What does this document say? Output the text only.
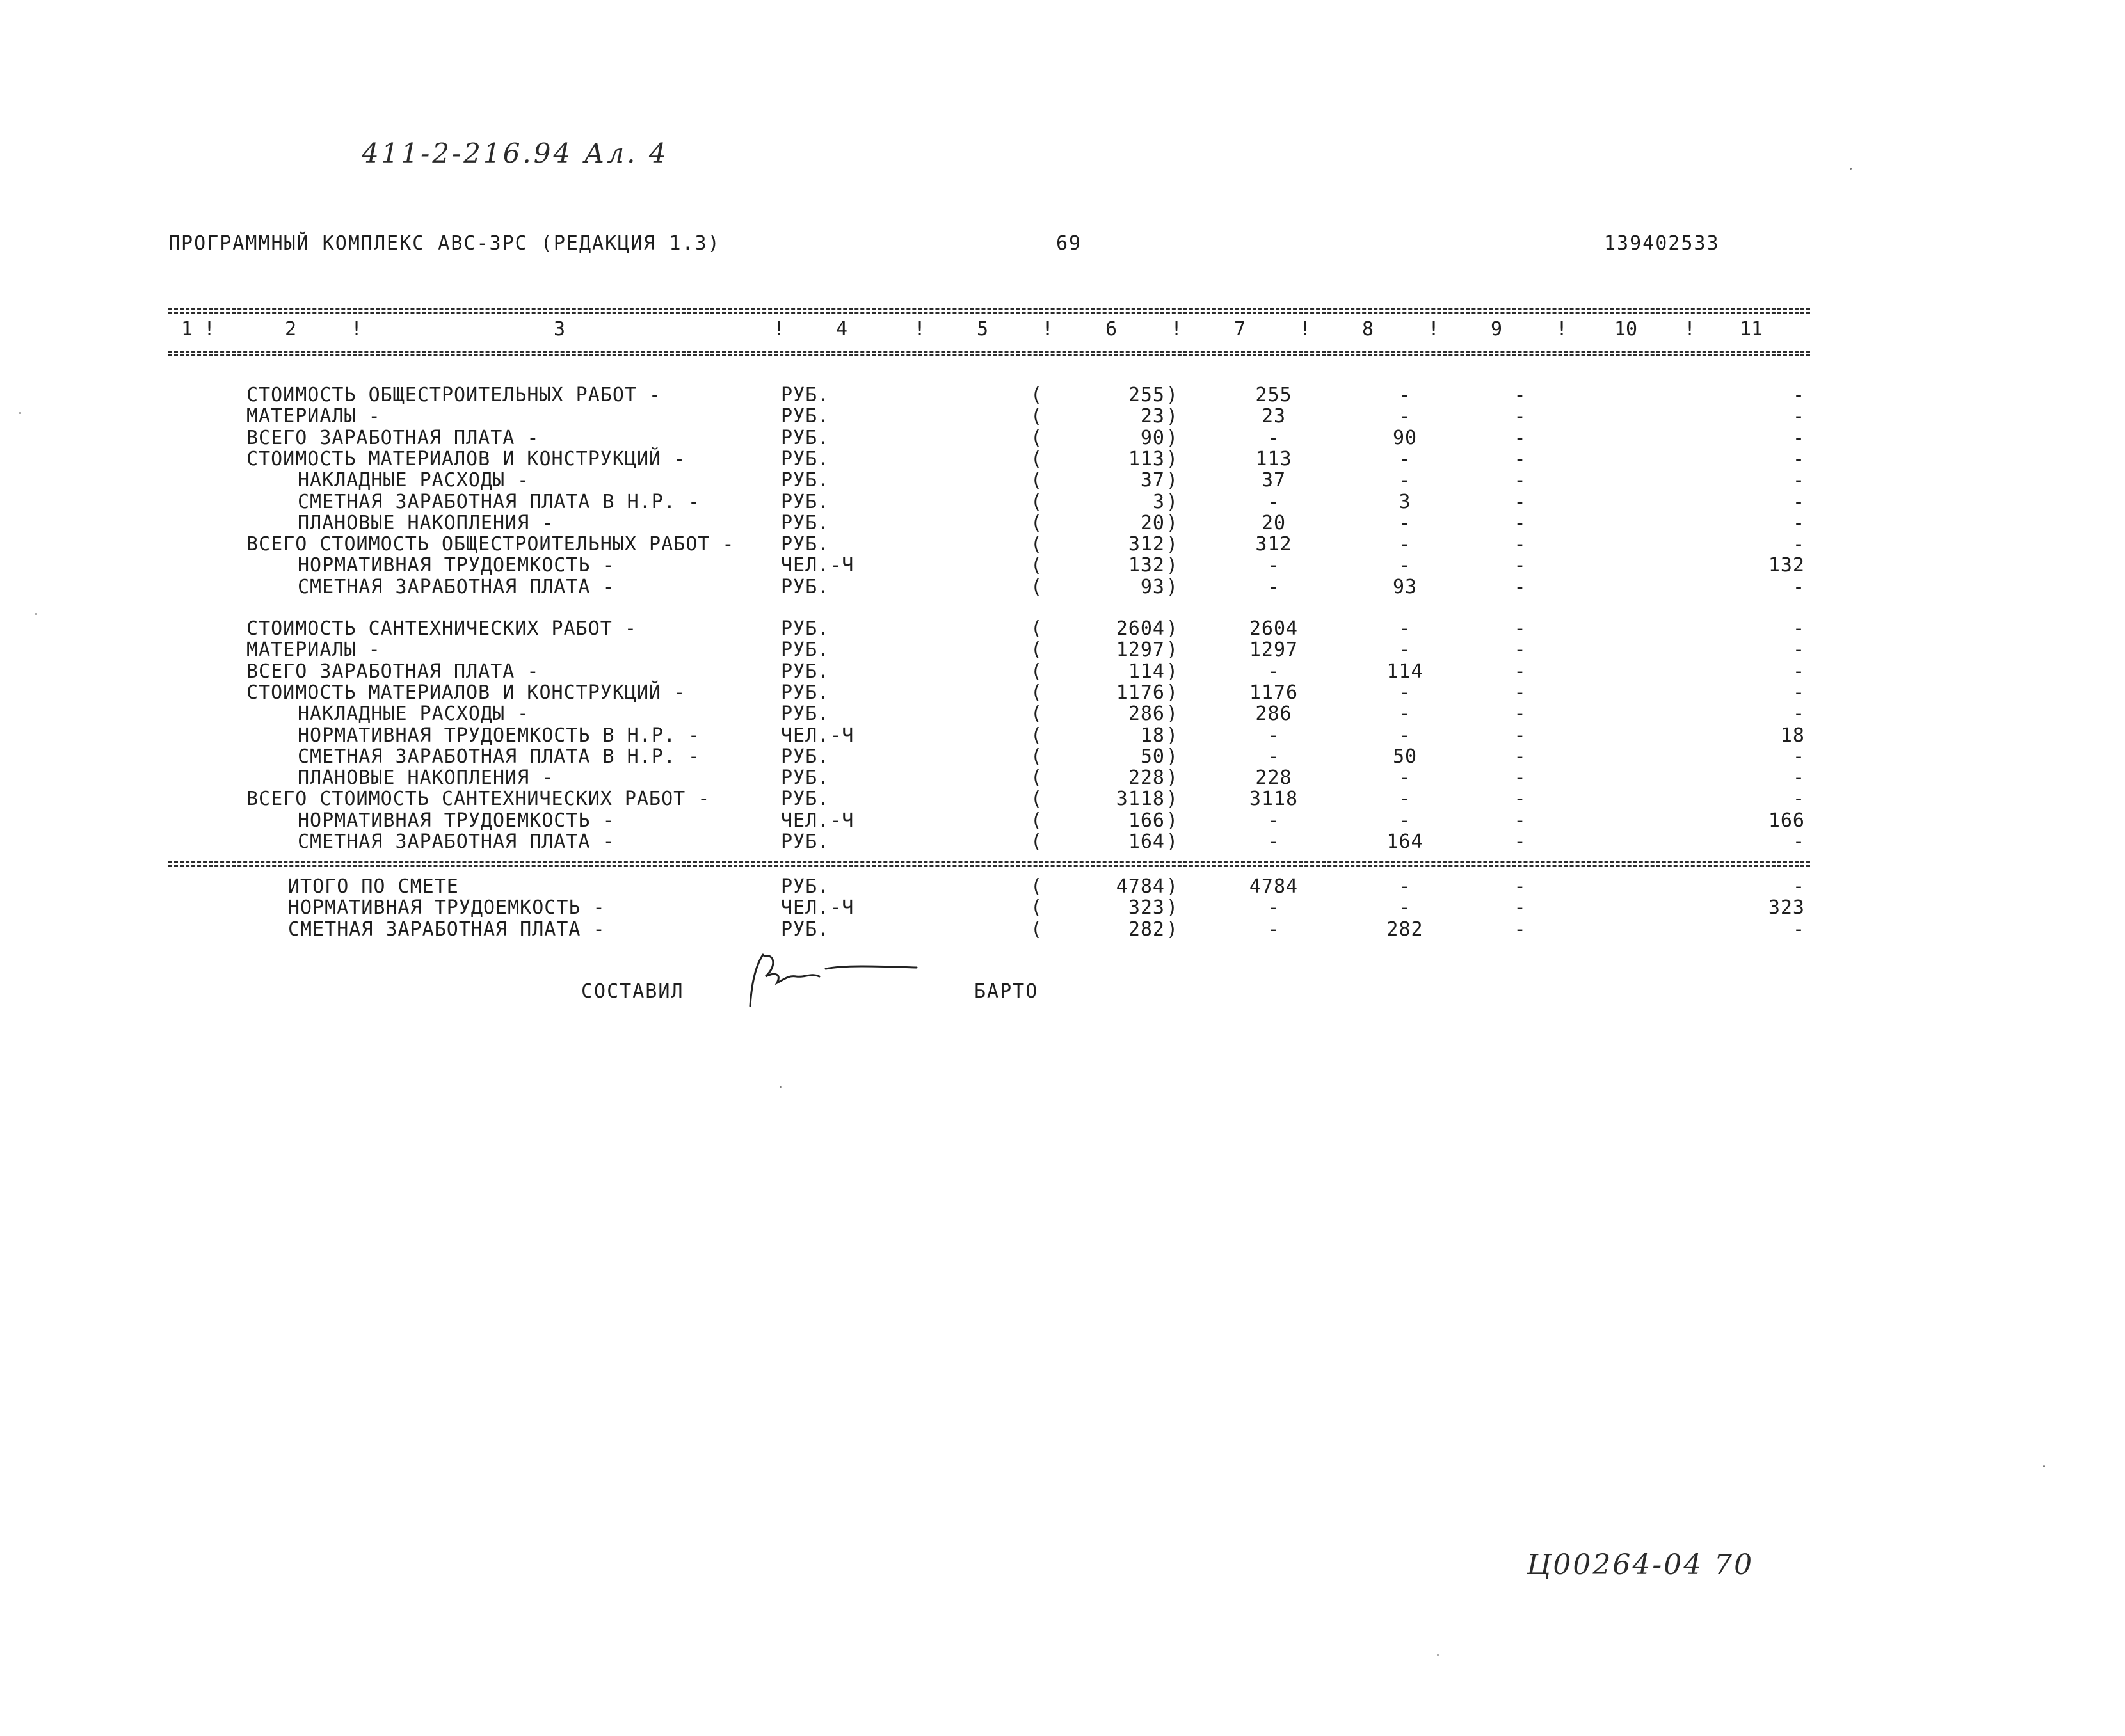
411-2-216.94 Ал. 4
ПРОГРАММНЫЙ КОМПЛЕКС АВС-3РС (РЕДАКЦИЯ 1.3)	69	139402533
1 !	2	!	3	!	4	!	5	!	6	!	7	!	8	!	9	! 10 ! 11
СТОИМОСТЬ ОБЩЕСТРОИТЕЛЬНЫХ РАБОТ -	РУБ.	(	255 )	255	-	-	-
МАТЕРИАЛЫ -	РУБ.	(	23 )	23	-	-	-
ВСЕГО ЗАРАБОТНАЯ ПЛАТА -	РУБ.	(	90 )	-	90	-	-
СТОИМОСТЬ МАТЕРИАЛОВ И КОНСТРУКЦИЙ -	РУБ.	(	113 )	113	-	-	-
НАКЛАДНЫЕ РАСХОДЫ -	РУБ.	(	37 )	37	-	-	-
СМЕТНАЯ ЗАРАБОТНАЯ ПЛАТА В Н.Р. -	РУБ.	(	3 )	-	3	-	-
ПЛАНОВЫЕ НАКОПЛЕНИЯ -	РУБ.	(	20 )	20	-	-	-
ВСЕГО СТОИМОСТЬ ОБЩЕСТРОИТЕЛЬНЫХ РАБОТ - РУБ.	(	312 )	312	-	-	-
НОРМАТИВНАЯ ТРУДОЕМКОСТЬ -	ЧЕЛ.-Ч	(	132 )	-	-	-	132
СМЕТНАЯ ЗАРАБОТНАЯ ПЛАТА -	РУБ.	(	93 )	-	93	-	-
СТОИМОСТЬ САНТЕХНИЧЕСКИХ РАБОТ -	РУБ.	(	2604 )	2604	-	-	-
МАТЕРИАЛЫ -	РУБ.	(	1297 )	1297	-	-	-
ВСЕГО ЗАРАБОТНАЯ ПЛАТА -	РУБ.	(	114 )	-	114	-	-
СТОИМОСТЬ МАТЕРИАЛОВ И КОНСТРУКЦИЙ -	РУБ.	(	1176 )	1176	-	-	-
НАКЛАДНЫЕ РАСХОДЫ -	РУБ.	(	286 )	286	-	-	-
НОРМАТИВНАЯ ТРУДОЕМКОСТЬ В Н.Р. -	ЧЕЛ.-Ч	(	18 )	-	-	-	18
СМЕТНАЯ ЗАРАБОТНАЯ ПЛАТА В Н.Р. -	РУБ.	(	50 )	-	50	-	-
ПЛАНОВЫЕ НАКОПЛЕНИЯ -	РУБ.	(	228 )	228	-	-	-
ВСЕГО СТОИМОСТЬ САНТЕХНИЧЕСКИХ РАБОТ -	РУБ.	(	3118 )	3118	-	-	-
НОРМАТИВНАЯ ТРУДОЕМКОСТЬ -	ЧЕЛ.-Ч	(	166 )	-	-	-	166
СМЕТНАЯ ЗАРАБОТНАЯ ПЛАТА -	РУБ.	(	164 )	-	164	-	-
ИТОГО ПО СМЕТЕ	РУБ.	(	4784 )	4784	-	-	-
НОРМАТИВНАЯ ТРУДОЕМКОСТЬ -	ЧЕЛ.-Ч	(	323 )	-	-	-	323
СМЕТНАЯ ЗАРАБОТНАЯ ПЛАТА -	РУБ.	(	282 )	-	282	-	-
СОСТАВИЛ	БАРТО
Ц00264-04 70
